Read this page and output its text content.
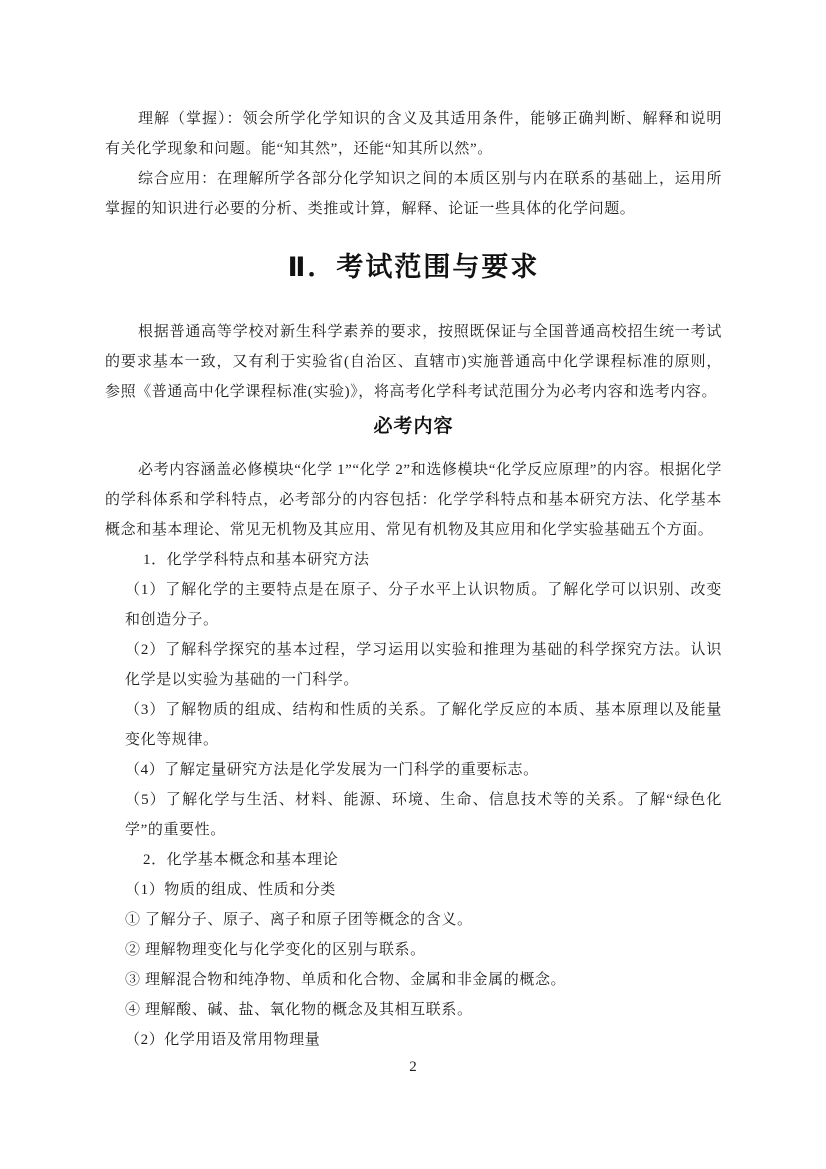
理解（掌握）：领会所学化学知识的含义及其适用条件，能够正确判断、解释和说明有关化学现象和问题。能“知其然”，还能“知其所以然”。

综合应用：在理解所学各部分化学知识之间的本质区别与内在联系的基础上，运用所掌握的知识进行必要的分析、类推或计算，解释、论证一些具体的化学问题。

Ⅱ．考试范围与要求

根据普通高等学校对新生科学素养的要求，按照既保证与全国普通高校招生统一考试的要求基本一致，又有利于实验省(自治区、直辖市)实施普通高中化学课程标准的原则，参照《普通高中化学课程标准(实验)》，将高考化学科考试范围分为必考内容和选考内容。

必考内容

必考内容涵盖必修模块“化学 1”“化学 2”和选修模块“化学反应原理”的内容。根据化学的学科体系和学科特点，必考部分的内容包括：化学学科特点和基本研究方法、化学基本概念和基本理论、常见无机物及其应用、常见有机物及其应用和化学实验基础五个方面。

1．化学学科特点和基本研究方法

（1）了解化学的主要特点是在原子、分子水平上认识物质。了解化学可以识别、改变和创造分子。

（2）了解科学探究的基本过程，学习运用以实验和推理为基础的科学探究方法。认识化学是以实验为基础的一门科学。

（3）了解物质的组成、结构和性质的关系。了解化学反应的本质、基本原理以及能量变化等规律。

（4）了解定量研究方法是化学发展为一门科学的重要标志。

（5）了解化学与生活、材料、能源、环境、生命、信息技术等的关系。了解“绿色化学”的重要性。

2．化学基本概念和基本理论

（1）物质的组成、性质和分类

① 了解分子、原子、离子和原子团等概念的含义。

② 理解物理变化与化学变化的区别与联系。

③ 理解混合物和纯净物、单质和化合物、金属和非金属的概念。

④ 理解酸、碱、盐、氧化物的概念及其相互联系。

（2）化学用语及常用物理量

2
